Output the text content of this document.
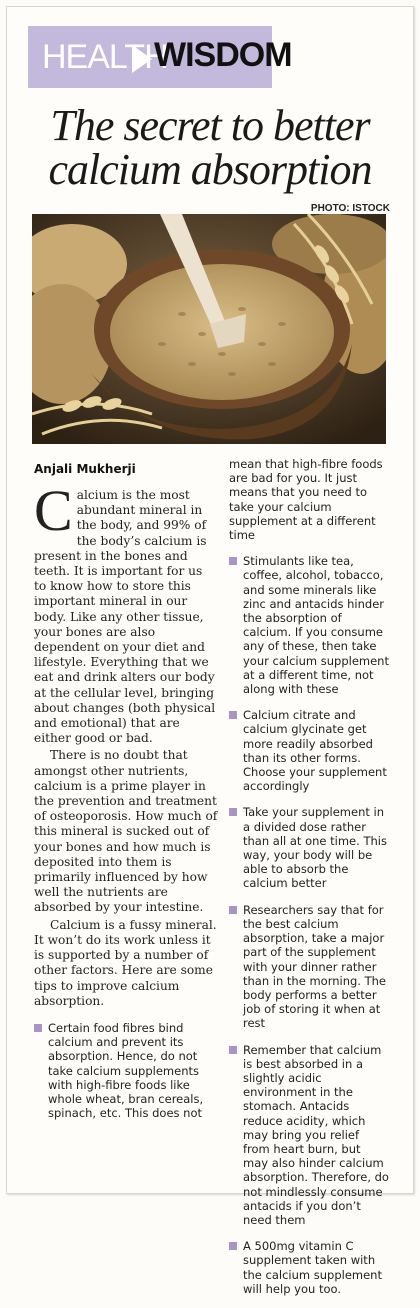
HEALTH
WISDOM
The secret to better calcium absorption
PHOTO: ISTOCK
Anjali Mukherji

Calcium is the most abundant mineral in the body, and 99% of the body’s calcium is present in the bones and teeth. It is important for us to know how to store this important mineral in our body. Like any other tissue, your bones are also dependent on your diet and lifestyle. Everything that we eat and drink alters our body at the cellular level, bringing about changes (both physical and emotional) that are either good or bad.

There is no doubt that amongst other nutrients, calcium is a prime player in the prevention and treatment of osteoporosis. How much of this mineral is sucked out of your bones and how much is deposited into them is primarily influenced by how well the nutrients are absorbed by your intestine.

Calcium is a fussy mineral. It won’t do its work unless it is supported by a number of other factors. Here are some tips to improve calcium absorption.

Certain food fibres bind calcium and prevent its absorption. Hence, do not take calcium supplements with high-fibre foods like whole wheat, bran cereals, spinach, etc. This does not

mean that high-fibre foods are bad for you. It just means that you need to take your calcium supplement at a different time

Stimulants like tea, coffee, alcohol, tobacco, and some minerals like zinc and antacids hinder the absorption of calcium. If you consume any of these, then take your calcium supplement at a different time, not along with these
Calcium citrate and calcium glycinate get more readily absorbed than its other forms. Choose your supplement accordingly
Take your supplement in a divided dose rather than all at one time. This way, your body will be able to absorb the calcium better
Researchers say that for the best calcium absorption, take a major part of the supplement with your dinner rather than in the morning. The body performs a better job of storing it when at rest
Remember that calcium is best absorbed in a slightly acidic environment in the stomach. Antacids reduce acidity, which may bring you relief from heart burn, but may also hinder calcium absorption. Therefore, do not mindlessly consume antacids if you don’t need them
A 500mg vitamin C supplement taken with the calcium supplement will help you too.
